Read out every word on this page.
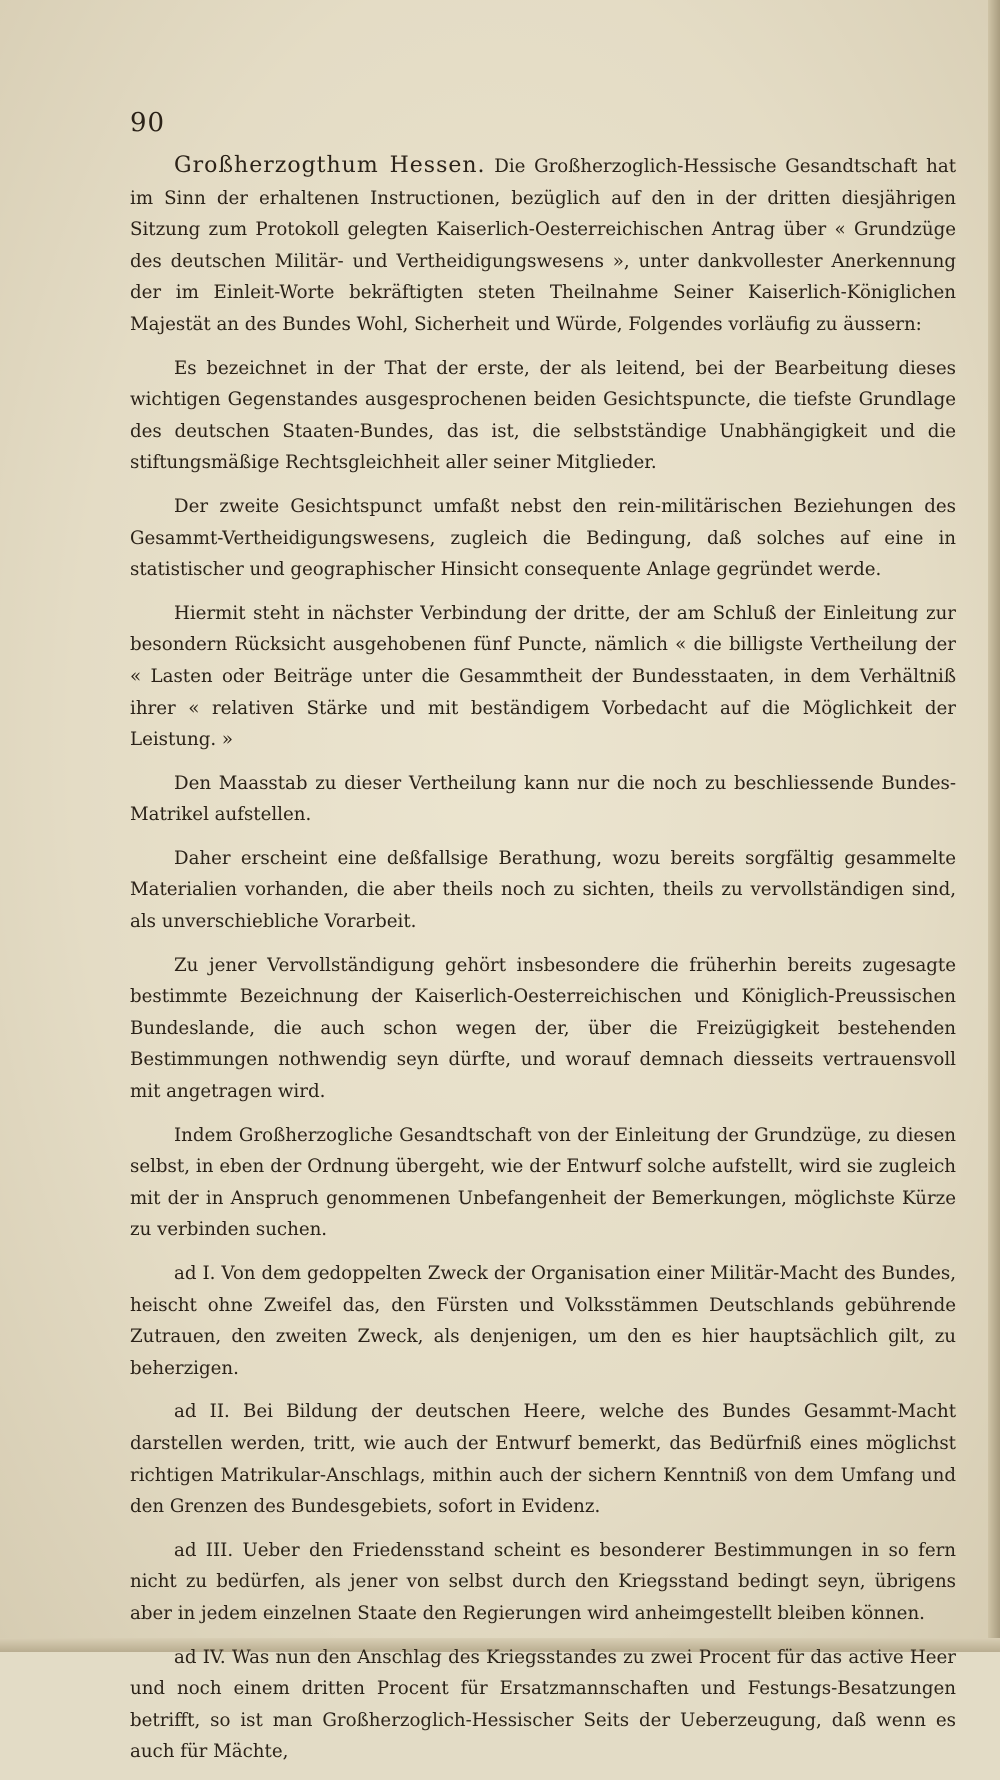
90

Großherzogthum Hessen. Die Großherzoglich-Hessische Gesandtschaft hat im Sinn der erhaltenen Instructionen, bezüglich auf den in der dritten diesjährigen Sitzung zum Protokoll gelegten Kaiserlich-Oesterreichischen Antrag über « Grundzüge des deutschen Militär- und Vertheidigungswesens », unter dankvollester Anerkennung der im Einleit-Worte bekräftigten steten Theilnahme Seiner Kaiserlich-Königlichen Majestät an des Bundes Wohl, Sicherheit und Würde, Folgendes vorläufig zu äussern:

Es bezeichnet in der That der erste, der als leitend, bei der Bearbeitung dieses wichtigen Gegenstandes ausgesprochenen beiden Gesichtspuncte, die tiefste Grundlage des deutschen Staaten-Bundes, das ist, die selbstständige Unabhängigkeit und die stiftungsmäßige Rechtsgleichheit aller seiner Mitglieder.

Der zweite Gesichtspunct umfaßt nebst den rein-militärischen Beziehungen des Gesammt-Vertheidigungswesens, zugleich die Bedingung, daß solches auf eine in statistischer und geographischer Hinsicht consequente Anlage gegründet werde.

Hiermit steht in nächster Verbindung der dritte, der am Schluß der Einleitung zur besondern Rücksicht ausgehobenen fünf Puncte, nämlich « die billigste Vertheilung der « Lasten oder Beiträge unter die Gesammtheit der Bundesstaaten, in dem Verhältniß ihrer « relativen Stärke und mit beständigem Vorbedacht auf die Möglichkeit der Leistung. »

Den Maasstab zu dieser Vertheilung kann nur die noch zu beschliessende Bundes-Matrikel aufstellen.

Daher erscheint eine deßfallsige Berathung, wozu bereits sorgfältig gesammelte Materialien vorhanden, die aber theils noch zu sichten, theils zu vervollständigen sind, als unverschiebliche Vorarbeit.

Zu jener Vervollständigung gehört insbesondere die früherhin bereits zugesagte bestimmte Bezeichnung der Kaiserlich-Oesterreichischen und Königlich-Preussischen Bundeslande, die auch schon wegen der, über die Freizügigkeit bestehenden Bestimmungen nothwendig seyn dürfte, und worauf demnach diesseits vertrauensvoll mit angetragen wird.

Indem Großherzogliche Gesandtschaft von der Einleitung der Grundzüge, zu diesen selbst, in eben der Ordnung übergeht, wie der Entwurf solche aufstellt, wird sie zugleich mit der in Anspruch genommenen Unbefangenheit der Bemerkungen, möglichste Kürze zu verbinden suchen.

ad I. Von dem gedoppelten Zweck der Organisation einer Militär-Macht des Bundes, heischt ohne Zweifel das, den Fürsten und Volksstämmen Deutschlands gebührende Zutrauen, den zweiten Zweck, als denjenigen, um den es hier hauptsächlich gilt, zu beherzigen.

ad II. Bei Bildung der deutschen Heere, welche des Bundes Gesammt-Macht darstellen werden, tritt, wie auch der Entwurf bemerkt, das Bedürfniß eines möglichst richtigen Matrikular-Anschlags, mithin auch der sichern Kenntniß von dem Umfang und den Grenzen des Bundesgebiets, sofort in Evidenz.

ad III. Ueber den Friedensstand scheint es besonderer Bestimmungen in so fern nicht zu bedürfen, als jener von selbst durch den Kriegsstand bedingt seyn, übrigens aber in jedem einzelnen Staate den Regierungen wird anheimgestellt bleiben können.

ad IV. Was nun den Anschlag des Kriegsstandes zu zwei Procent für das active Heer und noch einem dritten Procent für Ersatzmannschaften und Festungs-Besatzungen betrifft, so ist man Großherzoglich-Hessischer Seits der Ueberzeugung, daß wenn es auch für Mächte,
